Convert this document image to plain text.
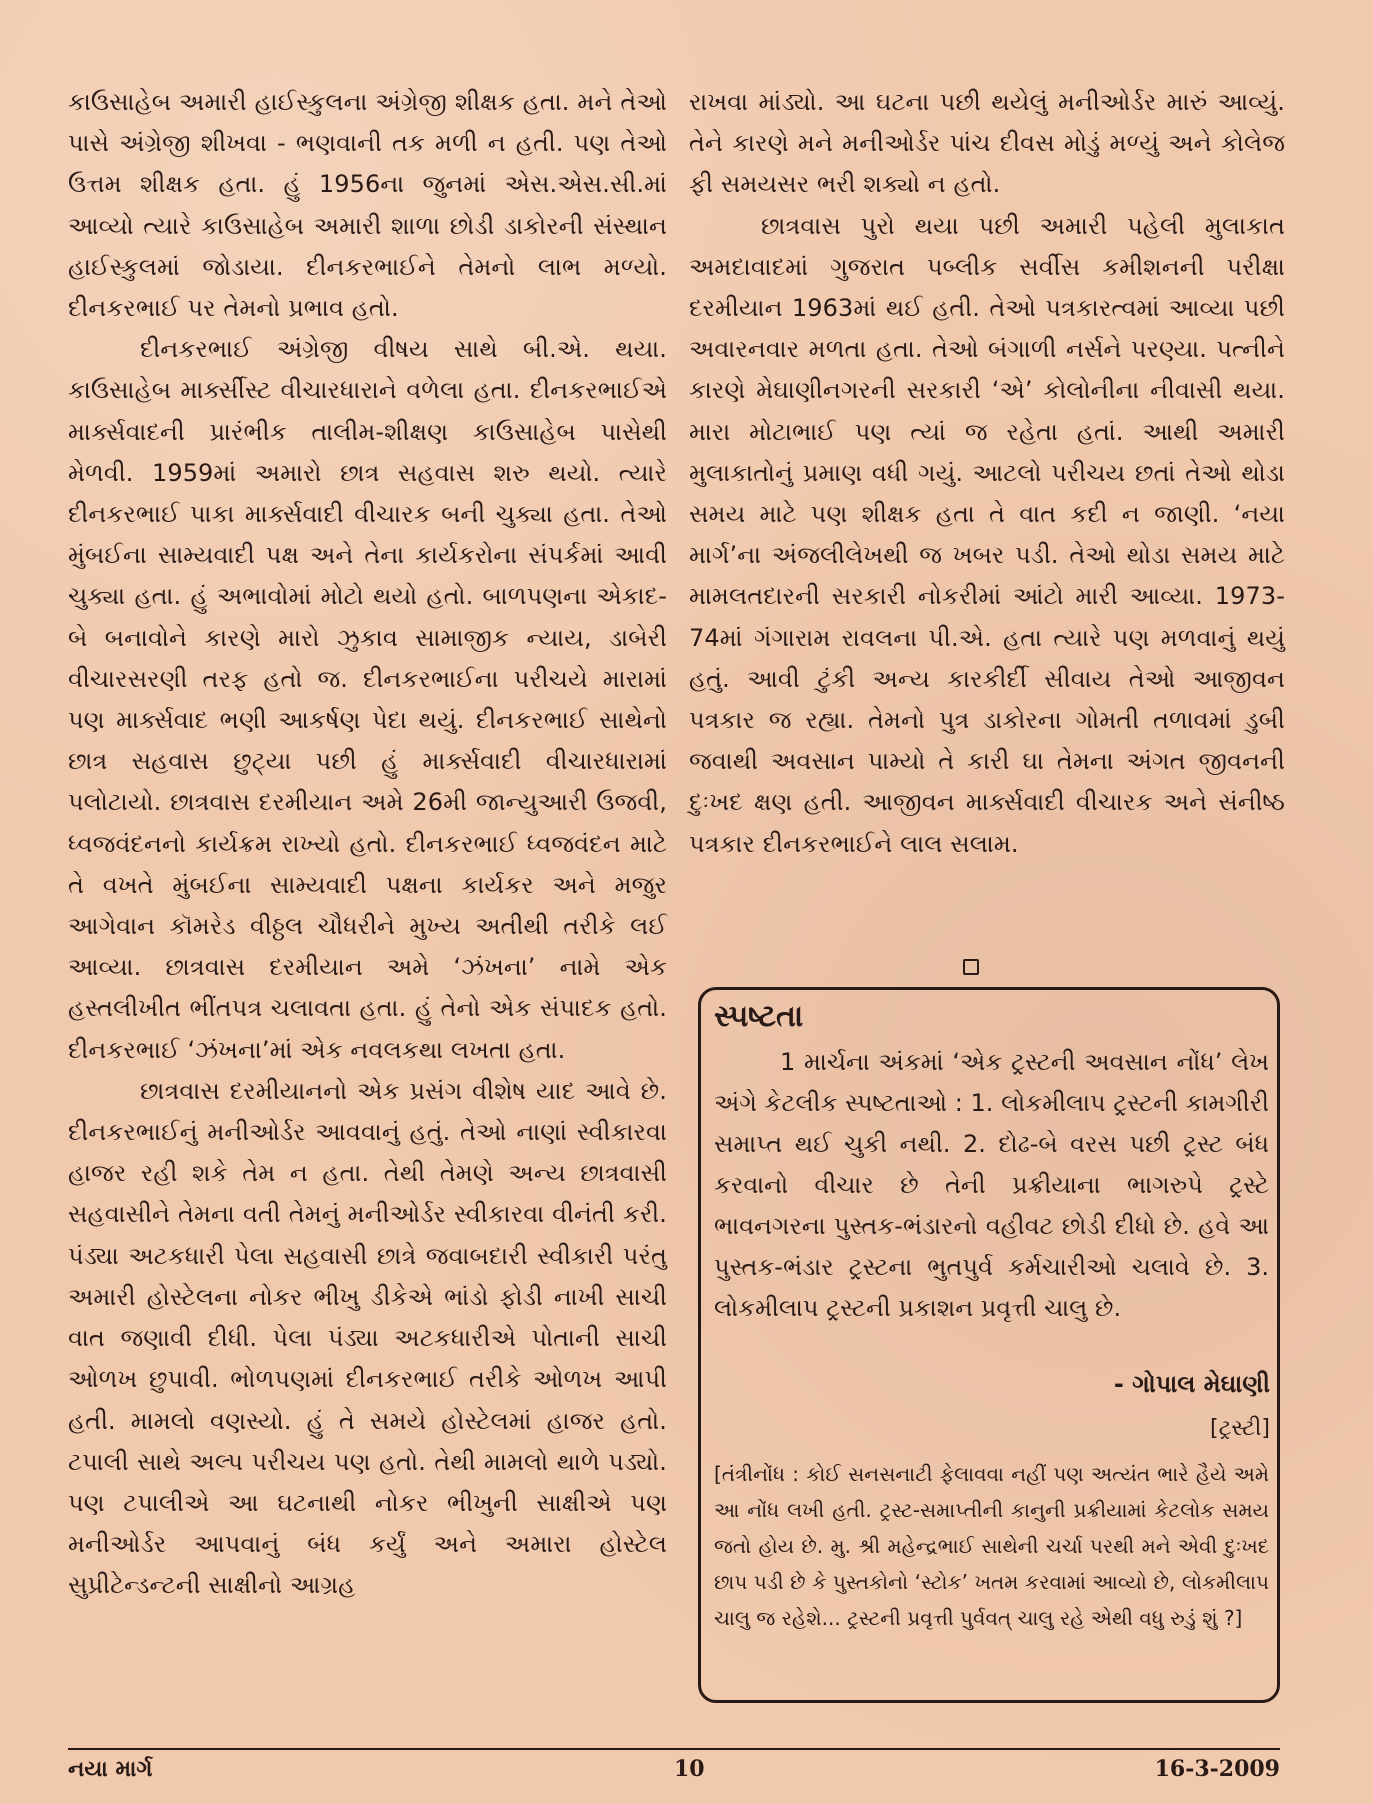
કાઉસાહેબ અમારી હાઈસ્કુલના અંગ્રેજી શીક્ષક હતા. મને તેઓ પાસે અંગ્રેજી શીખવા - ભણવાની તક મળી ન હતી. પણ તેઓ ઉત્તમ શીક્ષક હતા. હું 1956ના જુનમાં એસ.એસ.સી.માં આવ્યો ત્યારે કાઉસાહેબ અમારી શાળા છોડી ડાકોરની સંસ્થાન હાઈસ્કુલમાં જોડાયા. દીનકરભાઈને તેમનો લાભ મળ્યો. દીનકરભાઈ પર તેમનો પ્રભાવ હતો.

દીનકરભાઈ અંગ્રેજી વીષય સાથે બી.એ. થયા. કાઉસાહેબ માર્ક્સીસ્ટ વીચારધારાને વળેલા હતા. દીનકરભાઈએ માર્ક્સવાદની પ્રારંભીક તાલીમ-શીક્ષણ કાઉસાહેબ પાસેથી મેળવી. 1959માં અમારો છાત્ર સહવાસ શરુ થયો. ત્યારે દીનકરભાઈ પાકા માર્ક્સવાદી વીચારક બની ચુક્યા હતા. તેઓ મુંબઈના સામ્યવાદી પક્ષ અને તેના કાર્યકરોના સંપર્કમાં આવી ચુક્યા હતા. હું અભાવોમાં મોટો થયો હતો. બાળપણના એકાદ-બે બનાવોને કારણે મારો ઝુકાવ સામાજીક ન્યાય, ડાબેરી વીચારસરણી તરફ હતો જ. દીનકરભાઈના પરીચયે મારામાં પણ માર્ક્સવાદ ભણી આકર્ષણ પેદા થયું. દીનકરભાઈ સાથેનો છાત્ર સહવાસ છુટ્યા પછી હું માર્ક્સવાદી વીચારધારામાં પલોટાયો. છાત્રવાસ દરમીયાન અમે 26મી જાન્યુઆરી ઉજવી, ધ્વજવંદનનો કાર્યક્રમ રાખ્યો હતો. દીનકરભાઈ ધ્વજવંદન માટે તે વખતે મુંબઈના સામ્યવાદી પક્ષના કાર્યકર અને મજુર આગેવાન કૉમરેડ વીઠ્ઠલ ચૌધરીને મુખ્ય અતીથી તરીકે લઈ આવ્યા. છાત્રવાસ દરમીયાન અમે ‘ઝંખના’ નામે એક હસ્તલીખીત ભીંતપત્ર ચલાવતા હતા. હું તેનો એક સંપાદક હતો. દીનકરભાઈ ‘ઝંખના’માં એક નવલકથા લખતા હતા.

છાત્રવાસ દરમીયાનનો એક પ્રસંગ વીશેષ યાદ આવે છે. દીનકરભાઈનું મનીઓર્ડર આવવાનું હતું. તેઓ નાણાં સ્વીકારવા હાજર રહી શકે તેમ ન હતા. તેથી તેમણે અન્ય છાત્રવાસી સહવાસીને તેમના વતી તેમનું મનીઓર્ડર સ્વીકારવા વીનંતી કરી. પંડ્યા અટકધારી પેલા સહવાસી છાત્રે જવાબદારી સ્વીકારી પરંતુ અમારી હોસ્ટેલના નોકર ભીખુ ડીકેએ ભાંડો ફોડી નાખી સાચી વાત જણાવી દીધી. પેલા પંડ્યા અટકધારીએ પોતાની સાચી ઓળખ છુપાવી. ભોળપણમાં દીનકરભાઈ તરીકે ઓળખ આપી હતી. મામલો વણસ્યો. હું તે સમયે હોસ્ટેલમાં હાજર હતો. ટપાલી સાથે અલ્પ પરીચય પણ હતો. તેથી મામલો થાળે પડ્યો. પણ ટપાલીએ આ ઘટનાથી નોકર ભીખુની સાક્ષીએ પણ મનીઓર્ડર આપવાનું બંધ કર્યું અને અમારા હોસ્ટેલ સુપ્રીટેન્ડન્ટની સાક્ષીનો આગ્રહ

રાખવા માંડ્યો. આ ઘટના પછી થયેલું મનીઓર્ડર મારું આવ્યું. તેને કારણે મને મનીઓર્ડર પાંચ દીવસ મોડું મળ્યું અને કોલેજ ફી સમયસર ભરી શક્યો ન હતો.

છાત્રવાસ પુરો થયા પછી અમારી પહેલી મુલાકાત અમદાવાદમાં ગુજરાત પબ્લીક સર્વીસ કમીશનની પરીક્ષા દરમીયાન 1963માં થઈ હતી. તેઓ પત્રકારત્વમાં આવ્યા પછી અવારનવાર મળતા હતા. તેઓ બંગાળી નર્સને પરણ્યા. પત્નીને કારણે મેઘાણીનગરની સરકારી ‘એ’ કોલોનીના નીવાસી થયા. મારા મોટાભાઈ પણ ત્યાં જ રહેતા હતાં. આથી અમારી મુલાકાતોનું પ્રમાણ વધી ગયું. આટલો પરીચય છતાં તેઓ થોડા સમય માટે પણ શીક્ષક હતા તે વાત કદી ન જાણી. ‘નયા માર્ગ’ના અંજલીલેખથી જ ખબર પડી. તેઓ થોડા સમય માટે મામલતદારની સરકારી નોકરીમાં આંટો મારી આવ્યા. 1973-74માં ગંગારામ રાવલના પી.એ. હતા ત્યારે પણ મળવાનું થયું હતું. આવી ટુંકી અન્ય કારકીર્દી સીવાય તેઓ આજીવન પત્રકાર જ રહ્યા. તેમનો પુત્ર ડાકોરના ગોમતી તળાવમાં ડુબી જવાથી અવસાન પામ્યો તે કારી ઘા તેમના અંગત જીવનની દુઃખદ ક્ષણ હતી. આજીવન માર્ક્સવાદી વીચારક અને સંનીષ્ઠ પત્રકાર દીનકરભાઈને લાલ સલામ.

સ્પષ્ટતા

1 માર્ચના અંકમાં ‘એક ટ્રસ્ટની અવસાન નોંધ’ લેખ અંગે કેટલીક સ્પષ્ટતાઓ : 1. લોકમીલાપ ટ્રસ્ટની કામગીરી સમાપ્ત થઈ ચુકી નથી. 2. દોઢ-બે વરસ પછી ટ્રસ્ટ બંધ કરવાનો વીચાર છે તેની પ્રક્રીયાના ભાગરુપે ટ્રસ્ટે ભાવનગરના પુસ્તક-ભંડારનો વહીવટ છોડી દીધો છે. હવે આ પુસ્તક-ભંડાર ટ્રસ્ટના ભુતપુર્વ કર્મચારીઓ ચલાવે છે. 3. લોકમીલાપ ટ્રસ્ટની પ્રકાશન પ્રવૃત્તી ચાલુ છે.

- ગોપાલ મેઘાણી
[ટ્રસ્ટી]
[તંત્રીનોંધ : કોઈ સનસનાટી ફેલાવવા નહીં પણ અત્યંત ભારે હૈયે અમે આ નોંધ લખી હતી. ટ્રસ્ટ-સમાપ્તીની કાનુની પ્રક્રીયામાં કેટલોક સમય જતો હોય છે. મુ. શ્રી મહેન્દ્રભાઈ સાથેની ચર્ચા પરથી મને એવી દુઃખદ છાપ પડી છે કે પુસ્તકોનો ‘સ્ટોક’ ખતમ કરવામાં આવ્યો છે, લોકમીલાપ ચાલુ જ રહેશે... ટ્રસ્ટની પ્રવૃત્તી પુર્વવત્ ચાલુ રહે એથી વધુ રુડું શું ?]
નયા માર્ગ	10	16-3-2009
